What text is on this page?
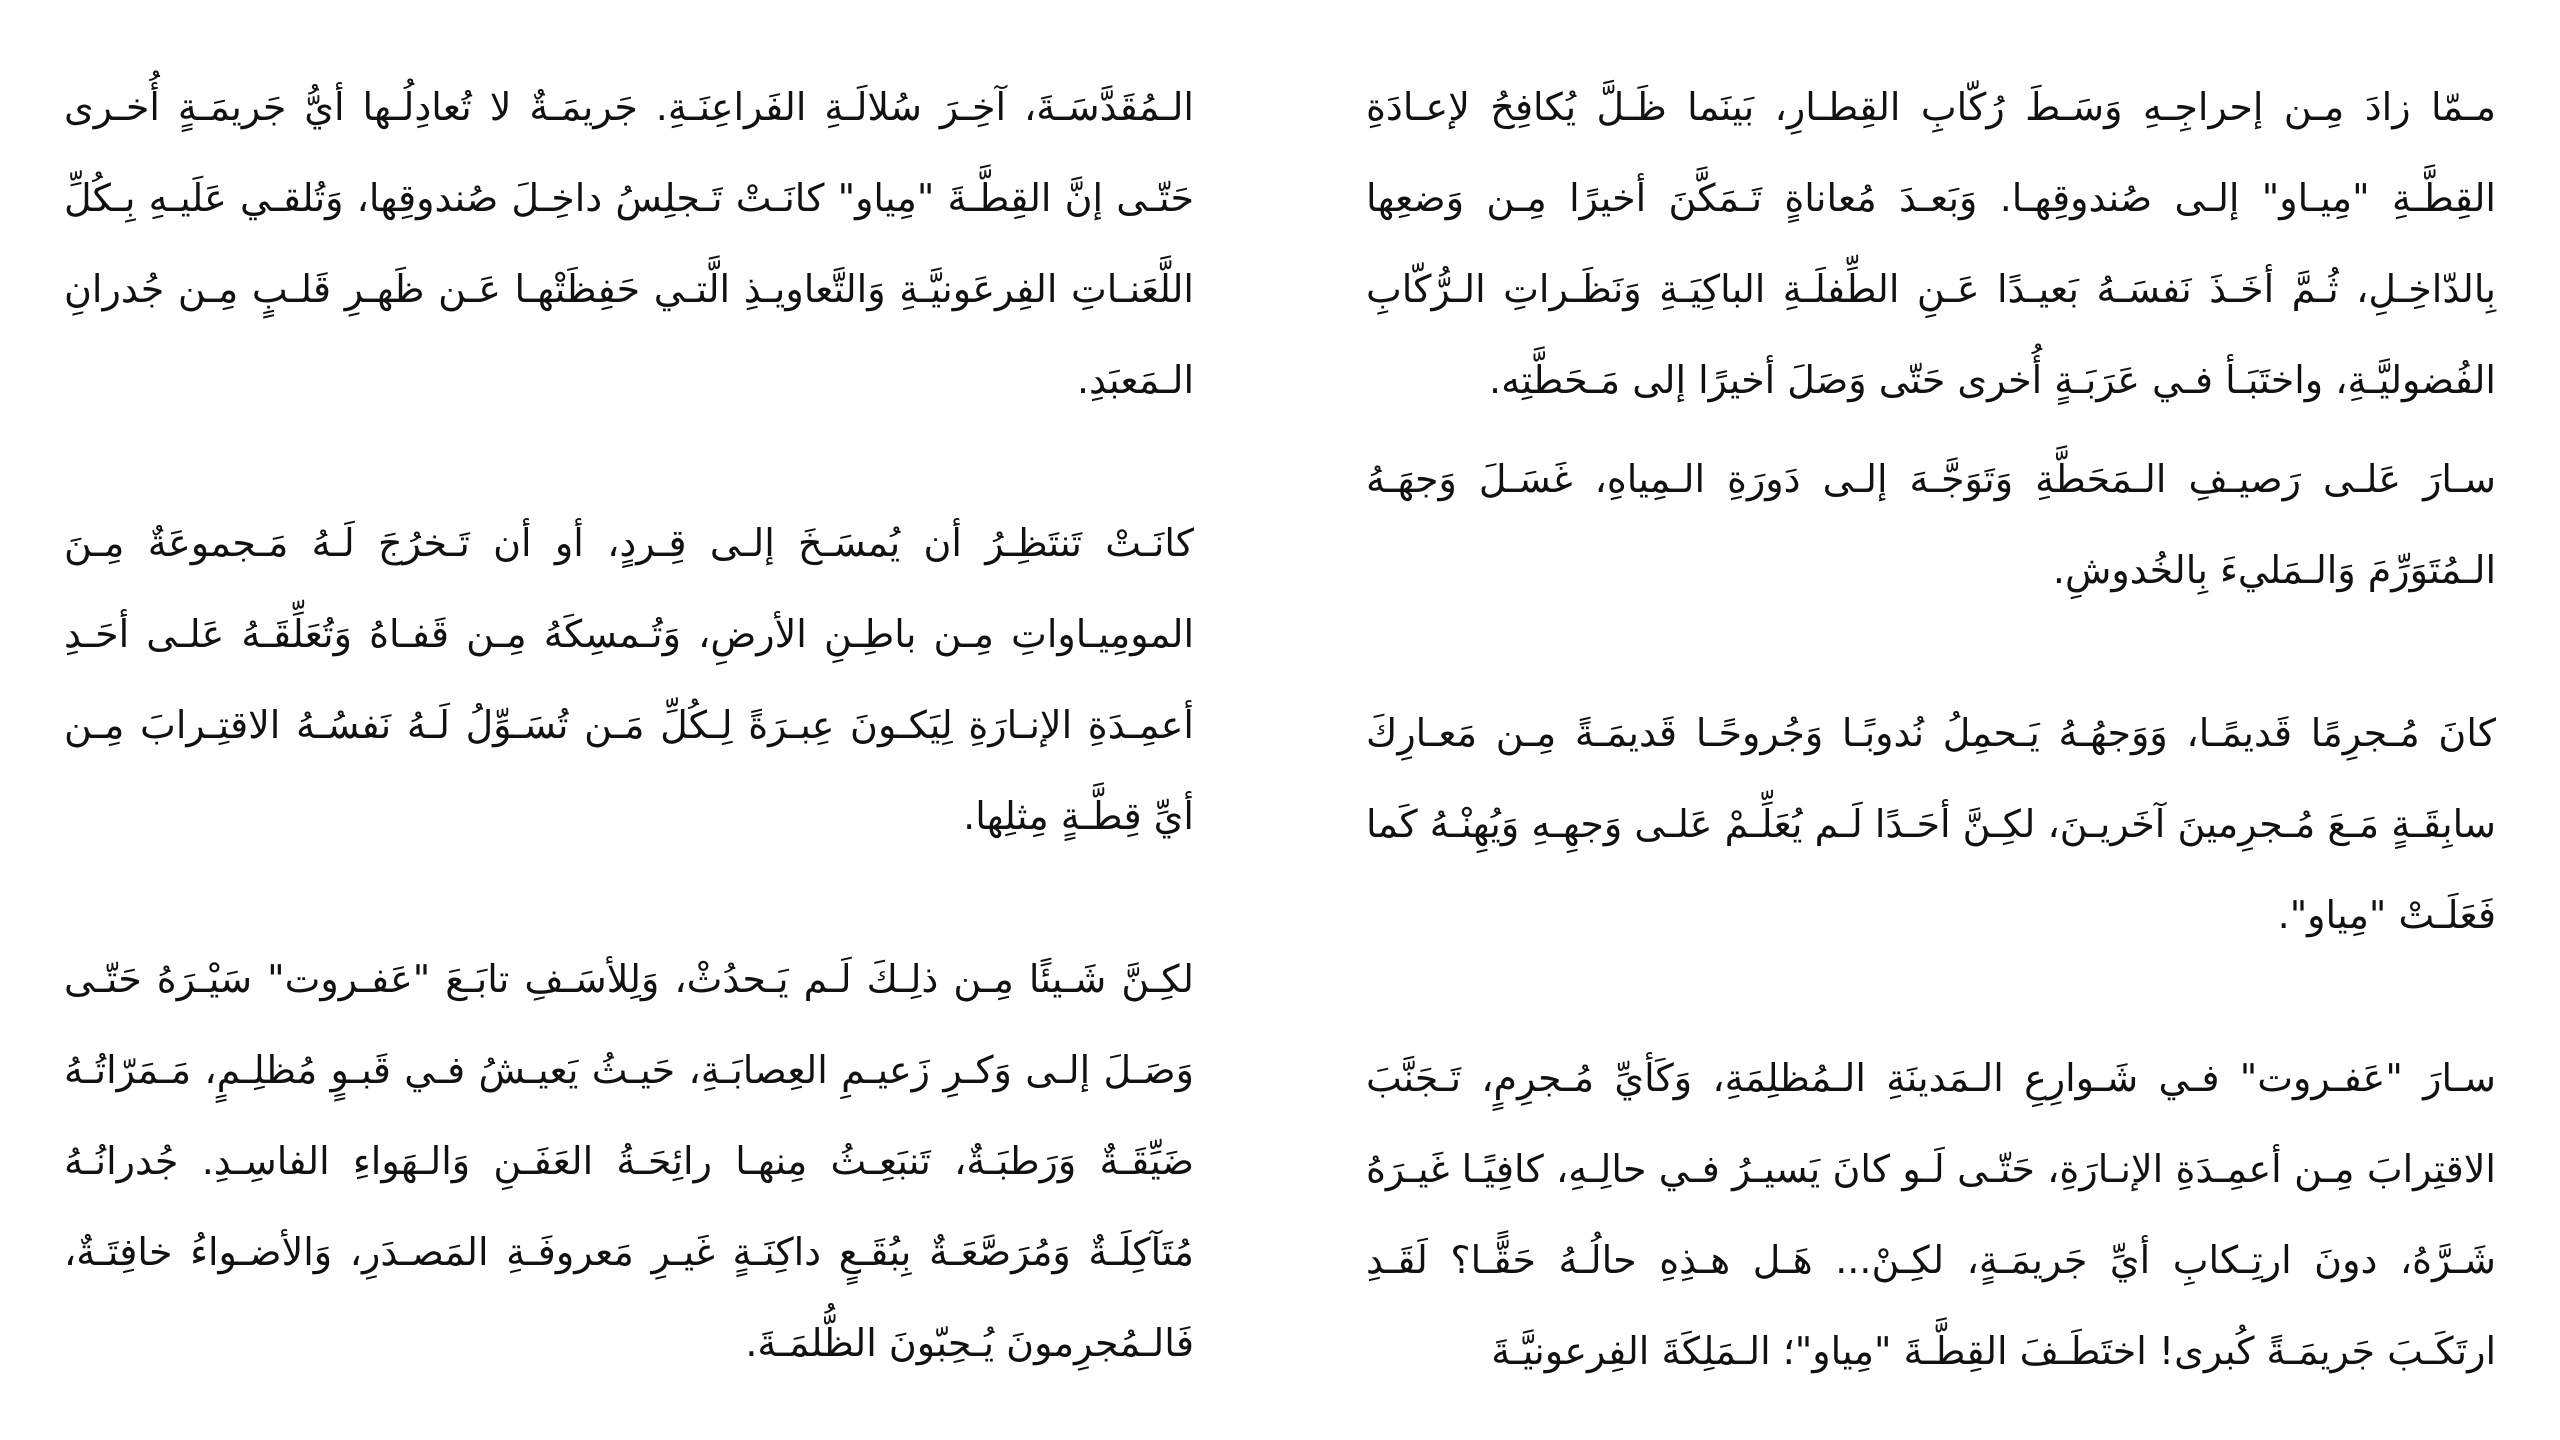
مـمّا زادَ مِـن إحراجِـهِ وَسَـطَ رُكّابِ القِطـارِ، بَينَما ظَـلَّ يُكافِحُ لإعـادَةِ القِطَّـةِ "مِيـاو" إلـى صُندوقِهـا. وَبَعـدَ مُعاناةٍ تَـمَكَّنَ أخيرًا مِـن وَضعِها بِالدّاخِـلِ، ثُـمَّ أخَـذَ نَفسَـهُ بَعيـدًا عَـنِ الطِّفلَـةِ الباكِيَـةِ وَنَظَـراتِ الـرُّكّابِ الفُضوليَّـةِ، واختَبَـأ فـي عَرَبَـةٍ أُخرى حَتّى وَصَلَ أخيرًا إلى مَـحَطَّتِه.

سـارَ عَلـى رَصيـفِ الـمَحَطَّةِ وَتَوَجَّـهَ إلـى دَورَةِ الـمِياهِ، غَسَـلَ وَجهَـهُ الـمُتَوَرِّمَ وَالـمَليءَ بِالخُدوشِ.

كانَ مُـجرِمًا قَديمًـا، وَوَجهُـهُ يَـحمِلُ نُدوبًـا وَجُروحًـا قَديمَـةً مِـن مَعـارِكَ سابِقَـةٍ مَـعَ مُـجرِمينَ آخَريـنَ، لكِـنَّ أحَـدًا لَـم يُعَلِّـمْ عَلـى وَجهِـهِ وَيُهِنْـهُ كَما فَعَلَـتْ "مِياو".

سـارَ "عَفـروت" فـي شَـوارِعِ الـمَدينَةِ الـمُظلِمَةِ، وَكَأيِّ مُـجرِمٍ، تَـجَنَّبَ الاقتِرابَ مِـن أعمِـدَةِ الإنـارَةِ، حَتّـى لَـو كانَ يَسيـرُ فـي حالِـهِ، كافِيًـا غَيـرَهُ شَـرَّهُ، دونَ ارتِـكابِ أيِّ جَريمَـةٍ، لكِـنْ... هَـل هـذِهِ حالُـهُ حَقًّـا؟ لَقَـدِ ارتَكَـبَ جَريمَـةً كُبرى! اختَطَـفَ القِطَّـةَ "مِياو"؛ الـمَلِكَةَ الفِرعونيَّـةَ

الـمُقَدَّسَـةَ، آخِـرَ سُلالَـةِ الفَراعِنَـةِ. جَريمَـةٌ لا تُعادِلُـها أيُّ جَريمَـةٍ أُخـرى حَتّـى إنَّ القِطَّـةَ "مِياو" كانَـتْ تَـجلِسُ داخِـلَ صُندوقِها، وَتُلقـي عَلَيـهِ بِـكُلِّ اللَّعَنـاتِ الفِرعَونيَّـةِ وَالتَّعاويـذِ الَّتـي حَفِظَتْهـا عَـن ظَهـرِ قَلـبٍ مِـن جُدرانِ الـمَعبَدِ.

كانَـتْ تَنتَظِـرُ أن يُمسَـخَ إلـى قِـردٍ، أو أن تَـخرُجَ لَـهُ مَـجموعَةٌ مِـنَ المومِيـاواتِ مِـن باطِـنِ الأرضِ، وَتُـمسِكَهُ مِـن قَفـاهُ وَتُعَلِّقَـهُ عَلـى أحَـدِ أعمِـدَةِ الإنـارَةِ لِيَكـونَ عِبـرَةً لِـكُلِّ مَـن تُسَـوِّلُ لَـهُ نَفسُـهُ الاقتِـرابَ مِـن أيِّ قِطَّـةٍ مِثلِها.

لكِـنَّ شَـيئًا مِـن ذلِـكَ لَـم يَـحدُثْ، وَلِلأسَـفِ تابَـعَ "عَفـروت" سَيْـرَهُ حَتّـى وَصَـلَ إلـى وَكـرِ زَعيـمِ العِصابَـةِ، حَيـثُ يَعيـشُ فـي قَبـوٍ مُظلِـمٍ، مَـمَرّاتُـهُ ضَيِّقَـةٌ وَرَطبَـةٌ، تَنبَعِـثُ مِنهـا رائِحَـةُ العَفَـنِ وَالـهَواءِ الفاسِـدِ. جُدرانُـهُ مُتَآكِلَـةٌ وَمُرَصَّعَـةٌ بِبُقَـعٍ داكِنَـةٍ غَيـرِ مَعروفَـةِ المَصـدَرِ، وَالأضـواءُ خافِتَـةٌ، فَالـمُجرِمونَ يُـحِبّونَ الظُّلمَـةَ.
